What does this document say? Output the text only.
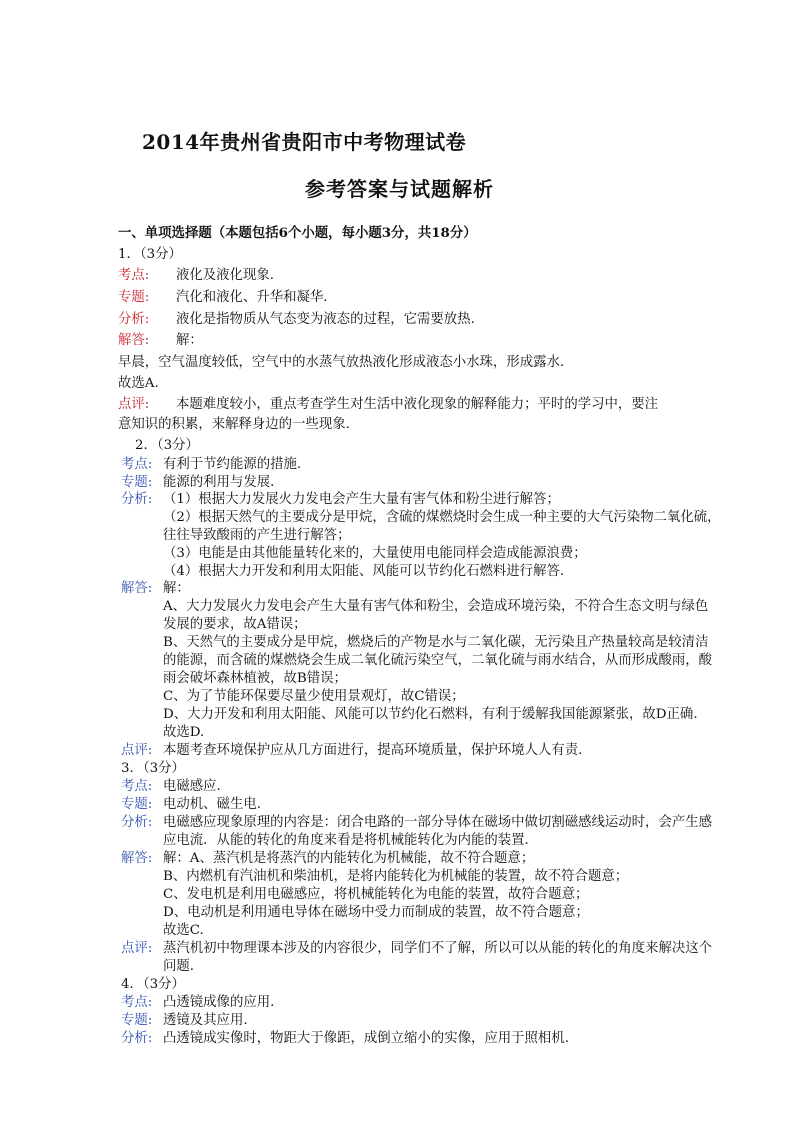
2014年贵州省贵阳市中考物理试卷
参考答案与试题解析
一、单项选择题（本题包括6个小题，每小题3分，共18分）
1．（3分）
考点: 液化及液化现象.
专题: 汽化和液化、升华和凝华.
分析: 液化是指物质从气态变为液态的过程，它需要放热.
解答: 解：
早晨，空气温度较低，空气中的水蒸气放热液化形成液态小水珠，形成露水.
故选A.
点评: 本题难度较小，重点考查学生对生活中液化现象的解释能力；平时的学习中，要注
意知识的积累，来解释身边的一些现象.
2．（3分）
考点: 有利于节约能源的措施.
专题: 能源的利用与发展.
分析: （1）根据大力发展火力发电会产生大量有害气体和粉尘进行解答；
（2）根据天然气的主要成分是甲烷，含硫的煤燃烧时会生成一种主要的大气污染物二氧化硫，
往往导致酸雨的产生进行解答；
（3）电能是由其他能量转化来的，大量使用电能同样会造成能源浪费；
（4）根据大力开发和利用太阳能、风能可以节约化石燃料进行解答.
解答: 解：
A、大力发展火力发电会产生大量有害气体和粉尘，会造成环境污染，不符合生态文明与绿色
发展的要求，故A错误；
B、天然气的主要成分是甲烷，燃烧后的产物是水与二氧化碳，无污染且产热量较高是较清洁
的能源，而含硫的煤燃烧会生成二氧化硫污染空气，二氧化硫与雨水结合，从而形成酸雨，酸
雨会破坏森林植被，故B错误；
C、为了节能环保要尽量少使用景观灯，故C错误；
D、大力开发和利用太阳能、风能可以节约化石燃料，有利于缓解我国能源紧张，故D正确.
故选D.
点评: 本题考查环境保护应从几方面进行，提高环境质量，保护环境人人有责.
3．（3分）
考点: 电磁感应.
专题: 电动机、磁生电.
分析: 电磁感应现象原理的内容是：闭合电路的一部分导体在磁场中做切割磁感线运动时，会产生感
应电流．从能的转化的角度来看是将机械能转化为内能的装置.
解答: 解：A、蒸汽机是将蒸汽的内能转化为机械能，故不符合题意；
B、内燃机有汽油机和柴油机，是将内能转化为机械能的装置，故不符合题意；
C、发电机是利用电磁感应，将机械能转化为电能的装置，故符合题意；
D、电动机是利用通电导体在磁场中受力而制成的装置，故不符合题意；
故选C.
点评: 蒸汽机初中物理课本涉及的内容很少，同学们不了解，所以可以从能的转化的角度来解决这个
问题.
4．（3分）
考点: 凸透镜成像的应用.
专题: 透镜及其应用.
分析: 凸透镜成实像时，物距大于像距，成倒立缩小的实像，应用于照相机.
